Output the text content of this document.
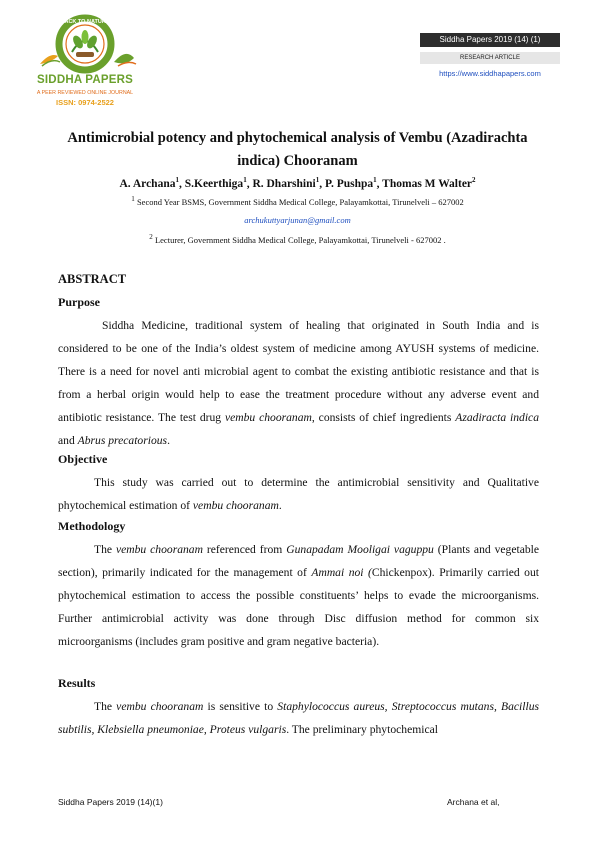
BACK TO NATURE
SIDDHA PAPERS
A PEER REVIEWED ONLINE JOURNAL
ISSN: 0974-2522
Siddha Papers 2019 (14) (1)
RESEARCH ARTICLE
https://www.siddhapapers.com
Antimicrobial potency and phytochemical analysis of Vembu (Azadirachta
indica) Chooranam
A. Archana$^1$, S.Keerthiga$^1$, R. Dharshini$^1$, P. Pushpa$^1$, Thomas M Walter$^2$
$^1$ Second Year BSMS, Government Siddha Medical College, Palayamkottai, Tirunelveli – 627002
archukuttyarjunan@gmail.com
$^2$ Lecturer, Government Siddha Medical College, Palayamkottai, Tirunelveli - 627002 .
ABSTRACT
Purpose

Siddha Medicine, traditional system of healing that originated in South India and is considered to be one of the India’s oldest system of medicine among AYUSH systems of medicine. There is a need for novel anti microbial agent to combat the existing antibiotic resistance and that is from a herbal origin would help to ease the treatment procedure without any adverse event and antibiotic resistance. The test drug vembu chooranam, consists of chief ingredients Azadiracta indica and Abrus precatorious.

Objective

This study was carried out to determine the antimicrobial sensitivity and Qualitative phytochemical estimation of vembu chooranam.

Methodology

The vembu chooranam referenced from Gunapadam Mooligai vaguppu (Plants and vegetable section), primarily indicated for the management of Ammai noi (Chickenpox). Primarily carried out phytochemical estimation to access the possible constituents’ helps to evade the microorganisms. Further antimicrobial activity was done through Disc diffusion method for common six microorganisms (includes gram positive and gram negative bacteria).

Results

The vembu chooranam is sensitive to Staphylococcus aureus, Streptococcus mutans, Bacillus subtilis, Klebsiella pneumoniae, Proteus vulgaris. The preliminary phytochemical

Siddha Papers 2019 (14)(1)	Archana et al,
